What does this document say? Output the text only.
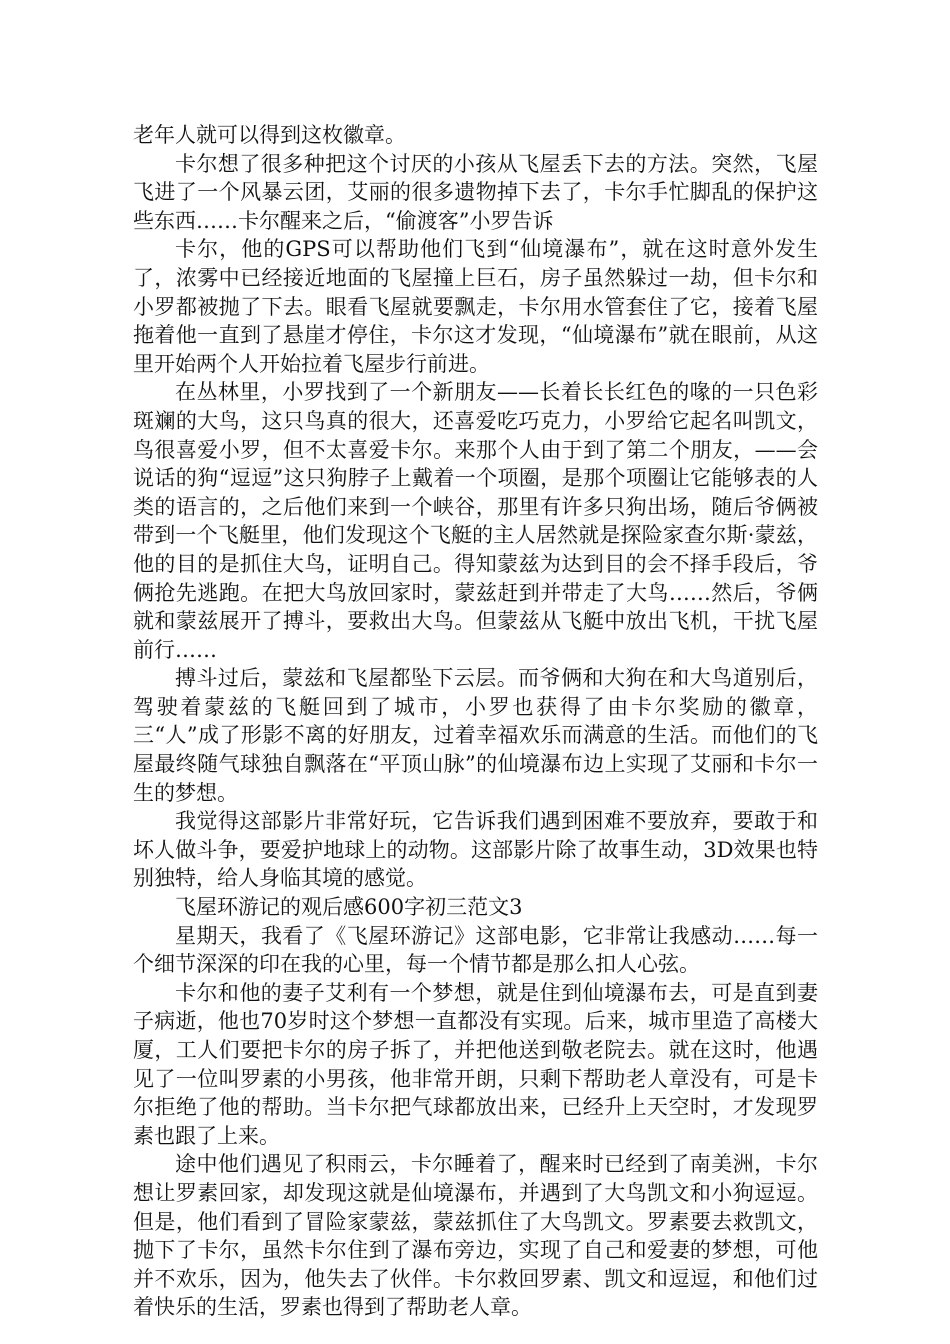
老年人就可以得到这枚徽章。

卡尔想了很多种把这个讨厌的小孩从飞屋丢下去的方法。突然，飞屋飞进了一个风暴云团，艾丽的很多遗物掉下去了，卡尔手忙脚乱的保护这些东西……卡尔醒来之后，“偷渡客”小罗告诉

卡尔，他的GPS可以帮助他们飞到“仙境瀑布”，就在这时意外发生了，浓雾中已经接近地面的飞屋撞上巨石，房子虽然躲过一劫，但卡尔和小罗都被抛了下去。眼看飞屋就要飘走，卡尔用水管套住了它，接着飞屋拖着他一直到了悬崖才停住，卡尔这才发现，“仙境瀑布”就在眼前，从这里开始两个人开始拉着飞屋步行前进。

在丛林里，小罗找到了一个新朋友——长着长长红色的喙的一只色彩斑斓的大鸟，这只鸟真的很大，还喜爱吃巧克力，小罗给它起名叫凯文，鸟很喜爱小罗，但不太喜爱卡尔。来那个人由于到了第二个朋友，——会说话的狗“逗逗”这只狗脖子上戴着一个项圈，是那个项圈让它能够表的人类的语言的，之后他们来到一个峡谷，那里有许多只狗出场，随后爷俩被带到一个飞艇里，他们发现这个飞艇的主人居然就是探险家查尔斯·蒙兹，他的目的是抓住大鸟，证明自己。得知蒙兹为达到目的会不择手段后，爷俩抢先逃跑。在把大鸟放回家时，蒙兹赶到并带走了大鸟……然后，爷俩就和蒙兹展开了搏斗，要救出大鸟。但蒙兹从飞艇中放出飞机，干扰飞屋前行……

搏斗过后，蒙兹和飞屋都坠下云层。而爷俩和大狗在和大鸟道别后，驾驶着蒙兹的飞艇回到了城市，小罗也获得了由卡尔奖励的徽章，三“人”成了形影不离的好朋友，过着幸福欢乐而满意的生活。而他们的飞屋最终随气球独自飘落在“平顶山脉”的仙境瀑布边上实现了艾丽和卡尔一生的梦想。

我觉得这部影片非常好玩，它告诉我们遇到困难不要放弃，要敢于和坏人做斗争，要爱护地球上的动物。这部影片除了故事生动，3D效果也特别独特，给人身临其境的感觉。

飞屋环游记的观后感600字初三范文3

星期天，我看了《飞屋环游记》这部电影，它非常让我感动……每一个细节深深的印在我的心里，每一个情节都是那么扣人心弦。

卡尔和他的妻子艾利有一个梦想，就是住到仙境瀑布去，可是直到妻子病逝，他也70岁时这个梦想一直都没有实现。后来，城市里造了高楼大厦，工人们要把卡尔的房子拆了，并把他送到敬老院去。就在这时，他遇见了一位叫罗素的小男孩，他非常开朗，只剩下帮助老人章没有，可是卡尔拒绝了他的帮助。当卡尔把气球都放出来，已经升上天空时，才发现罗素也跟了上来。

途中他们遇见了积雨云，卡尔睡着了，醒来时已经到了南美洲，卡尔想让罗素回家，却发现这就是仙境瀑布，并遇到了大鸟凯文和小狗逗逗。但是，他们看到了冒险家蒙兹，蒙兹抓住了大鸟凯文。罗素要去救凯文，抛下了卡尔，虽然卡尔住到了瀑布旁边，实现了自己和爱妻的梦想，可他并不欢乐，因为，他失去了伙伴。卡尔救回罗素、凯文和逗逗，和他们过着快乐的生活，罗素也得到了帮助老人章。
